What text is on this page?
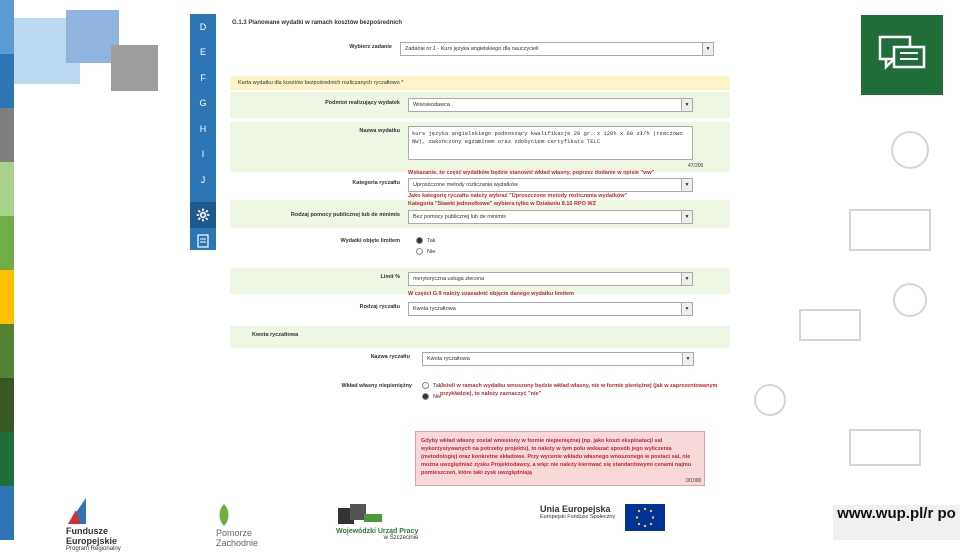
D
E
F
G
H
I
J
G.1.3 Planowane wydatki w ramach kosztów bezpośrednich
Wybierz zadanie	Zadanie nr 1 - Kurs języka angielskiego dla nauczycieli	▼
Karta wydatku dla kosztów bezpośrednich rozliczanych ryczałtowo *
Podmiot realizujący wydatek	Wnioskodawca	▼
Nazwa wydatku	kurs języka angielskiego podnoszący kwalifikacje 20 gr. x 120h x 60 zł/h (rzeczowo NW), zakończony egzaminem oraz zdobyciem certyfikatu TELC
47/200
Wskazanie, że część wydatków będzie stanowić wkład własny, poprzez dodanie w opisie "ww"
Kategoria ryczałtu	Uproszczone metody rozliczania wydatków	▼
Jako kategorię ryczałtu należy wybrać "Uproszczone metody rozliczania wydatków"
Kategoria "Stawki jednostkowe" wybiera tylko w Działaniu 8.10 RPO WZ
Rodzaj pomocy publicznej lub de minimis	Bez pomocy publicznej lub de minimis	▼
Wydatki objęte limitem	Tak
Nie
Limit %	merytoryczna usługa zlecona	▼
W części G.9 należy uzasadnić objęcie danego wydatku limitem
Rodzaj ryczałtu	Kwota ryczałtowa	▼
Kwota ryczałtowa
Nazwa ryczałtu	Kwota ryczałtowa	▼
Wkład własny niepieniężny	Tak
Nie
Jeżeli w ramach wydatku wnoszony będzie wkład własny, nie w formie pieniężnej (jak w zaprezentowanym przykładzie), to należy zaznaczyć "nie"
Gdyby wkład własny został wniesiony w formie niepieniężnej (np. jako koszt eksploatacji sal wykorzystywanych na potrzeby projektu), to należy w tym polu wskazać sposób jego wyliczenia (metodologię) oraz konkretne składowe. Przy wycenie wkładu własnego wnoszonego w postaci sal, nie można uwzględniać zysku Projektodawcy, a więc nie należy kierować się standardowymi cenami najmu pomieszczeń, które taki zysk uwzględniają
0/1000
Fundusze
Europejskie
Program Regionalny
Pomorze
Zachodnie
Wojewódzki Urząd Pracy
w Szczecinie
Unia Europejska
Europejski Fundusz Społeczny
	www.wup.pl/r po
